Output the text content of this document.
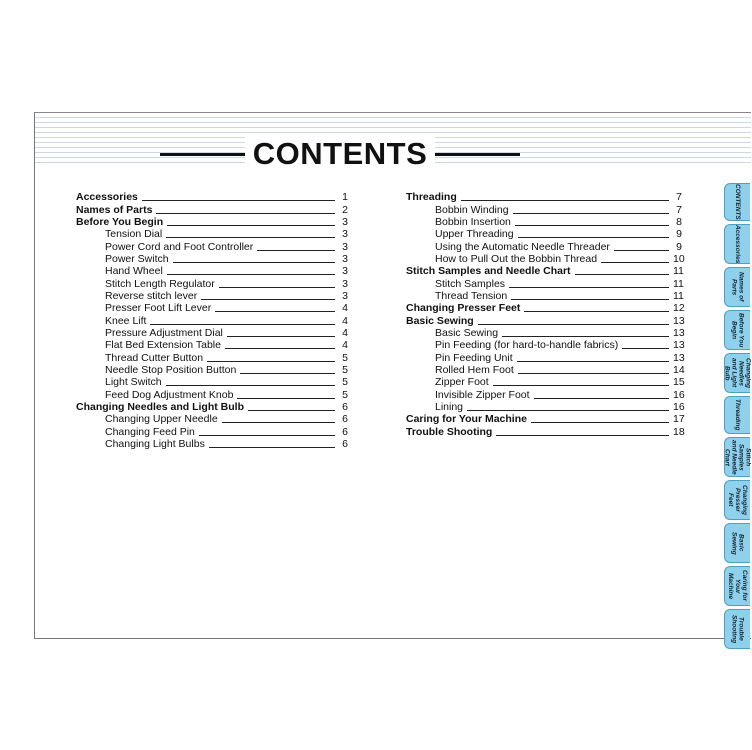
CONTENTS
Accessories	1
Names of Parts	2
Before You Begin	3
Tension Dial	3
Power Cord and Foot Controller	3
Power Switch	3
Hand Wheel	3
Stitch Length Regulator	3
Reverse stitch lever	3
Presser Foot Lift Lever	4
Knee Lift	4
Pressure Adjustment Dial	4
Flat Bed Extension Table	4
Thread Cutter Button	5
Needle Stop Position Button	5
Light Switch	5
Feed Dog Adjustment Knob	5
Changing Needles and Light Bulb	6
Changing Upper Needle	6
Changing Feed Pin	6
Changing Light Bulbs	6
Threading	7
Bobbin Winding	7
Bobbin Insertion	8
Upper Threading	9
Using the Automatic Needle Threader	9
How to Pull Out the Bobbin Thread	10
Stitch Samples and Needle Chart	11
Stitch Samples	11
Thread Tension	11
Changing Presser Feet	12
Basic Sewing	13
Basic Sewing	13
Pin Feeding (for hard-to-handle fabrics)	13
Pin Feeding Unit	13
Rolled Hem Foot	14
Zipper Foot	15
Invisible Zipper Foot	16
Lining	16
Caring for Your Machine	17
Trouble Shooting	18
CONTENTS
Accessories
Names of Parts
Before You Begin
Changing Needles and Light Bulb
Threading
Stitch Samples and Needle Chart
Changing Presser Feet
Basic Sewing
Caring for Your Machine
Trouble Shooting
